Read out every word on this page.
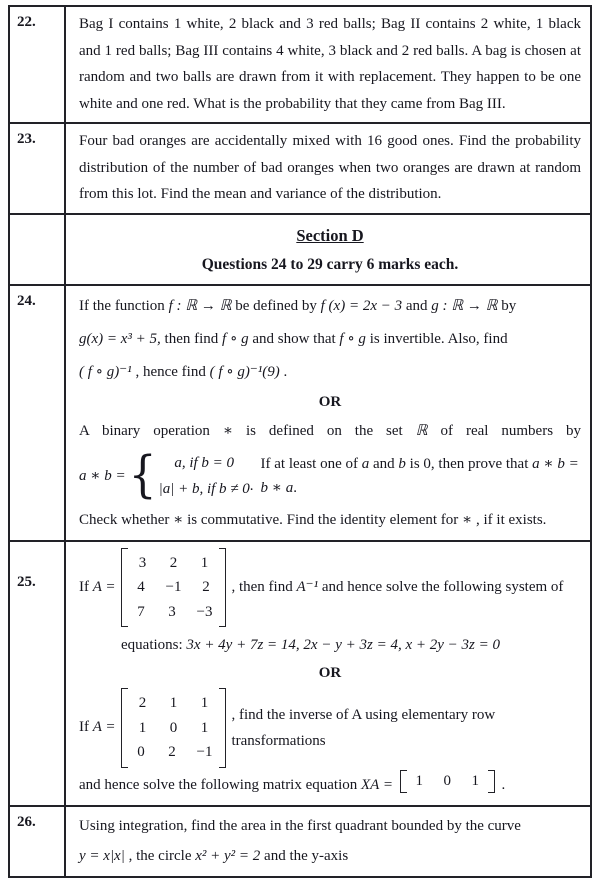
22.	Bag I contains 1 white, 2 black and 3 red balls; Bag II contains 2 white, 1 black and 1 red balls; Bag III contains 4 white, 3 black and 2 red balls. A bag is chosen at random and two balls are drawn from it with replacement. They happen to be one white and one red. What is the probability that they came from Bag III.

23.	Four bad oranges are accidentally mixed with 16 good ones. Find the probability distribution of the number of bad oranges when two oranges are drawn at random from this lot. Find the mean and variance of the distribution.

	Section D
Questions 24 to 29 carry 6 marks each.

24.	If the function f : ℝ → ℝ be defined by f (x) = 2x − 3 and g : ℝ → ℝ by
g(x) = x³ + 5, then find f ∘ g and show that f ∘ g is invertible. Also, find
( f ∘ g)⁻¹ , hence find ( f ∘ g)⁻¹(9) .
OR
A binary operation ∗ is defined on the set ℝ of real numbers by
a ∗ b = {	a, if b = 0
|a| + b, if b ≠ 0 .
If at least one of a and b is 0, then prove that a ∗ b = b ∗ a.
Check whether ∗ is commutative. Find the identity element for ∗ , if it exists.

25.	If A =
3 2 1
4 −1 2
7 3 −3
, then find A⁻¹ and hence solve the following system of
equations: 3x + 4y + 7z = 14, 2x − y + 3z = 4, x + 2y − 3z = 0
OR
If A =
2 1 1
1 0 1
0 2 −1
, find the inverse of A using elementary row transformations
and hence solve the following matrix equation XA = 1 0 1 .

26.	Using integration, find the area in the first quadrant bounded by the curve
y = x|x| , the circle x² + y² = 2 and the y-axis
